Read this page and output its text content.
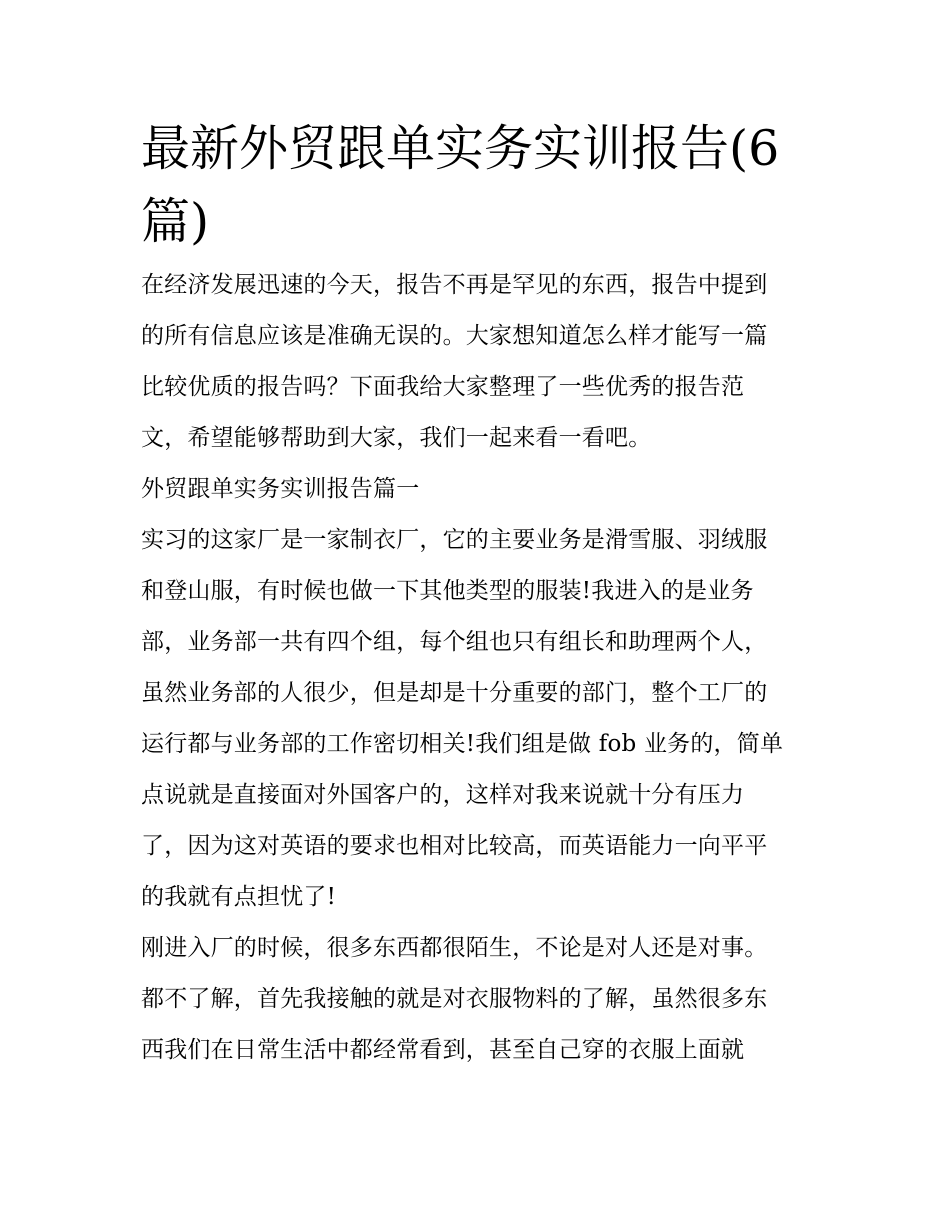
最新外贸跟单实务实训报告(6
篇)

在经济发展迅速的今天，报告不再是罕见的东西，报告中提到
的所有信息应该是准确无误的。大家想知道怎么样才能写一篇
比较优质的报告吗？下面我给大家整理了一些优秀的报告范
文，希望能够帮助到大家，我们一起来看一看吧。

外贸跟单实务实训报告篇一

实习的这家厂是一家制衣厂，它的主要业务是滑雪服、羽绒服
和登山服，有时候也做一下其他类型的服装!我进入的是业务
部，业务部一共有四个组，每个组也只有组长和助理两个人，
虽然业务部的人很少，但是却是十分重要的部门，整个工厂的
运行都与业务部的工作密切相关!我们组是做 fob 业务的，简单
点说就是直接面对外国客户的，这样对我来说就十分有压力
了，因为这对英语的要求也相对比较高，而英语能力一向平平
的我就有点担忧了!

刚进入厂的时候，很多东西都很陌生，不论是对人还是对事。
都不了解，首先我接触的就是对衣服物料的了解，虽然很多东
西我们在日常生活中都经常看到，甚至自己穿的衣服上面就
